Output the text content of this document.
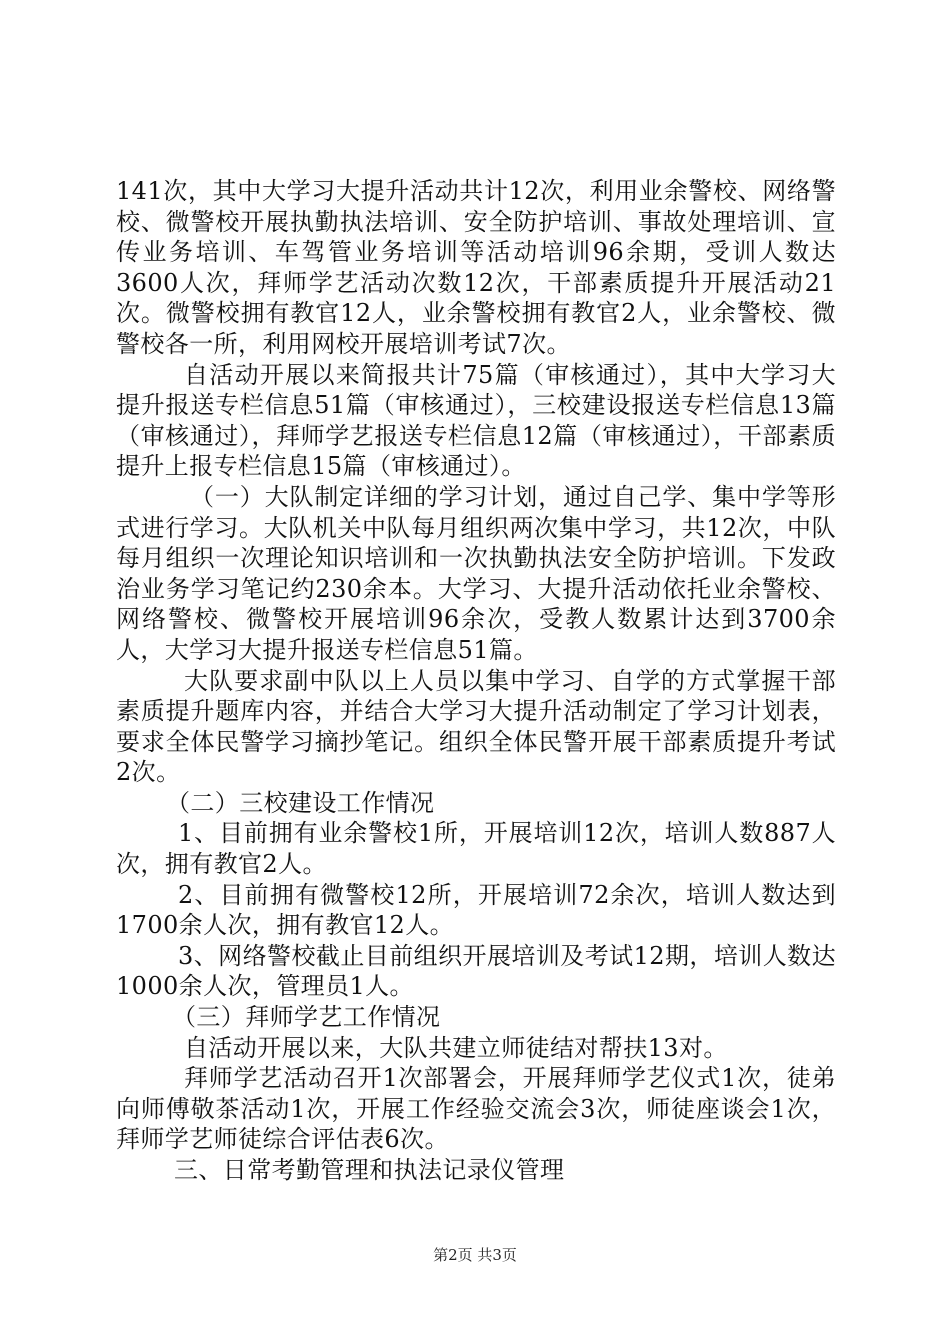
141次，其中大学习大提升活动共计12次，利用业余警校、网络警校、微警校开展执勤执法培训、安全防护培训、事故处理培训、宣传业务培训、车驾管业务培训等活动培训96余期，受训人数达3600人次，拜师学艺活动次数12次，干部素质提升开展活动21次。微警校拥有教官12人，业余警校拥有教官2人，业余警校、微警校各一所，利用网校开展培训考试7次。

自活动开展以来简报共计75篇（审核通过），其中大学习大提升报送专栏信息51篇（审核通过），三校建设报送专栏信息13篇（审核通过），拜师学艺报送专栏信息12篇（审核通过），干部素质提升上报专栏信息15篇（审核通过）。

（一）大队制定详细的学习计划，通过自己学、集中学等形式进行学习。大队机关中队每月组织两次集中学习，共12次，中队每月组织一次理论知识培训和一次执勤执法安全防护培训。下发政治业务学习笔记约230余本。大学习、大提升活动依托业余警校、网络警校、微警校开展培训96余次，受教人数累计达到3700余人，大学习大提升报送专栏信息51篇。

大队要求副中队以上人员以集中学习、自学的方式掌握干部素质提升题库内容，并结合大学习大提升活动制定了学习计划表，要求全体民警学习摘抄笔记。组织全体民警开展干部素质提升考试2次。

（二）三校建设工作情况

1、目前拥有业余警校1所，开展培训12次，培训人数887人次，拥有教官2人。

2、目前拥有微警校12所，开展培训72余次，培训人数达到1700余人次，拥有教官12人。

3、网络警校截止目前组织开展培训及考试12期，培训人数达1000余人次，管理员1人。

（三）拜师学艺工作情况

自活动开展以来，大队共建立师徒结对帮扶13对。

拜师学艺活动召开1次部署会，开展拜师学艺仪式1次，徒弟向师傅敬茶活动1次，开展工作经验交流会3次，师徒座谈会1次，拜师学艺师徒综合评估表6次。

三、日常考勤管理和执法记录仪管理

第2页 共3页
